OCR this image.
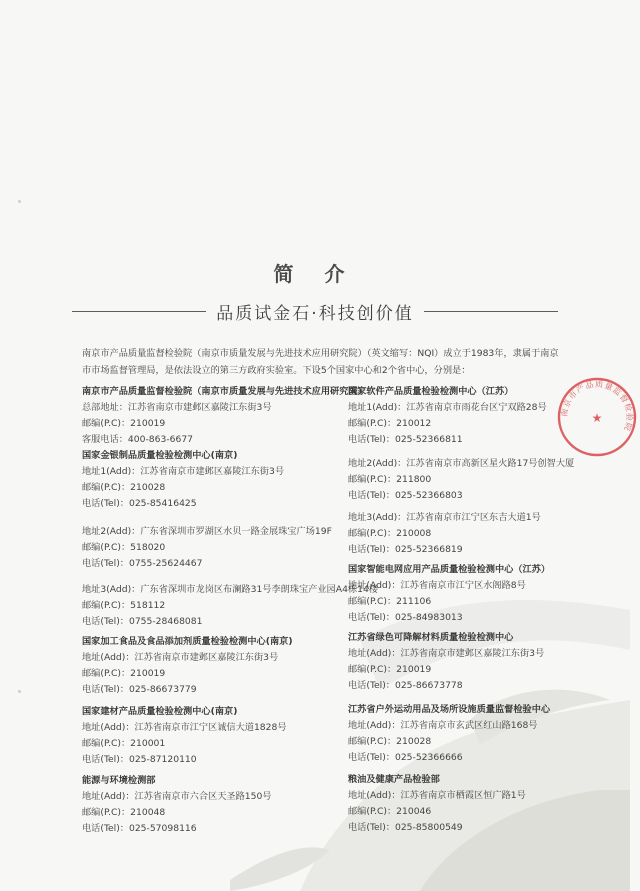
简 介
品质试金石·科技创价值

南京市产品质量监督检验院（南京市质量发展与先进技术应用研究院）（英文缩写：NQI）成立于1983年，隶属于南京市市场监督管理局，是依法设立的第三方政府实验室。下设5个国家中心和2个省中心，分别是：

南京市产品质量监督检验院（南京市质量发展与先进技术应用研究院）
总部地址：江苏省南京市建邺区嘉陵江东街3号
邮编(P.C)：210019
客服电话：400-863-6677
国家金银制品质量检验检测中心(南京)
地址1(Add)：江苏省南京市建邺区嘉陵江东街3号
邮编(P.C)：210028
电话(Tel)：025-85416425
地址2(Add)：广东省深圳市罗湖区水贝一路金展珠宝广场19F
邮编(P.C)：518020
电话(Tel)：0755-25624467
地址3(Add)：广东省深圳市龙岗区布澜路31号李朗珠宝产业园A4栋14楼
邮编(P.C)：518112
电话(Tel)：0755-28468081
国家加工食品及食品添加剂质量检验检测中心(南京)
地址(Add)：江苏省南京市建邺区嘉陵江东街3号
邮编(P.C)：210019
电话(Tel)：025-86673779
国家建材产品质量检验检测中心(南京)
地址(Add)：江苏省南京市江宁区诚信大道1828号
邮编(P.C)：210001
电话(Tel)：025-87120110
能源与环境检测部
地址(Add)：江苏省南京市六合区天圣路150号
邮编(P.C)：210048
电话(Tel)：025-57098116
国家软件产品质量检验检测中心（江苏）
地址1(Add)：江苏省南京市雨花台区宁双路28号
邮编(P.C)：210012
电话(Tel)：025-52366811
地址2(Add)：江苏省南京市高新区星火路17号创智大厦
邮编(P.C)：211800
电话(Tel)：025-52366803
地址3(Add)：江苏省南京市江宁区东吉大道1号
邮编(P.C)：210008
电话(Tel)：025-52366819
国家智能电网应用产品质量检验检测中心（江苏）
地址(Add)：江苏省南京市江宁区水阁路8号
邮编(P.C)：211106
电话(Tel)：025-84983013
江苏省绿色可降解材料质量检验检测中心
地址(Add)：江苏省南京市建邺区嘉陵江东街3号
邮编(P.C)：210019
电话(Tel)：025-86673778
江苏省户外运动用品及场所设施质量监督检验中心
地址(Add)：江苏省南京市玄武区红山路168号
邮编(P.C)：210028
电话(Tel)：025-52366666
粮油及健康产品检验部
地址(Add)：江苏省南京市栖霞区恒广路1号
邮编(P.C)：210046
电话(Tel)：025-85800549
南京市产品质量监督检验院
★
